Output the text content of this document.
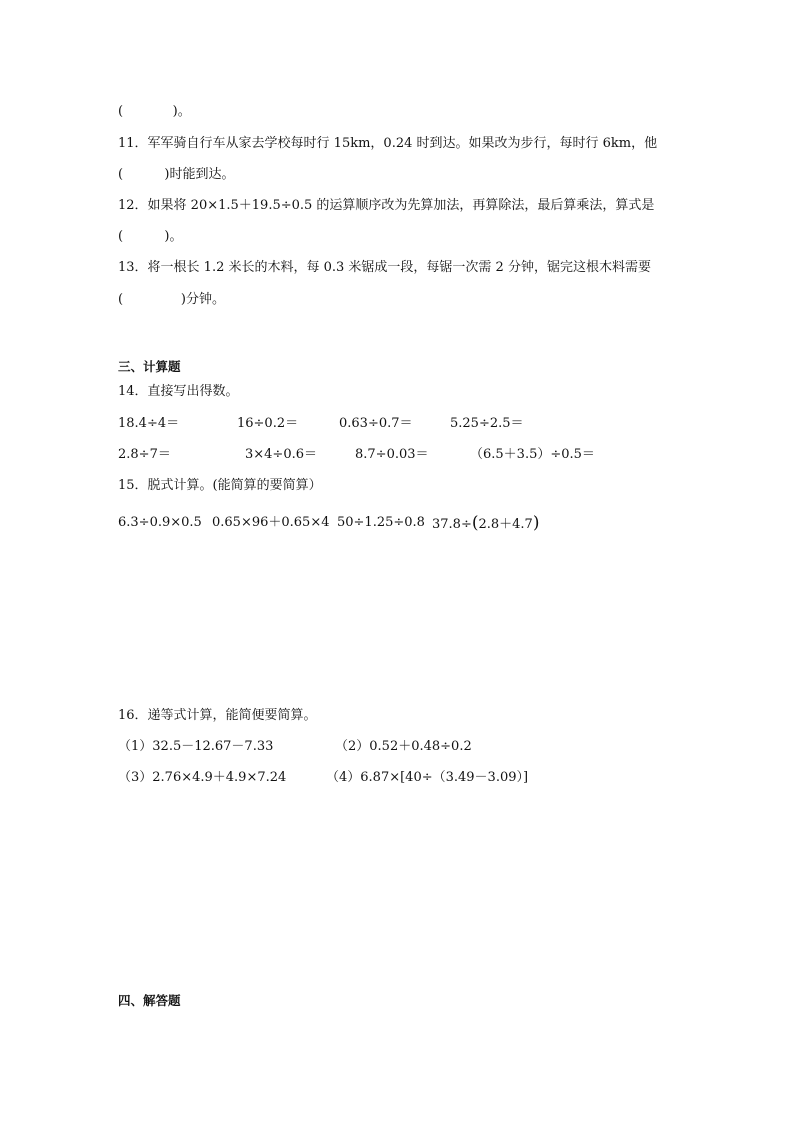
(            )。
11．军军骑自行车从家去学校每时行 15km，0.24 时到达。如果改为步行，每时行 6km，他
(          )时能到达。
12．如果将 20×1.5＋19.5÷0.5 的运算顺序改为先算加法，再算除法，最后算乘法，算式是
(          )。
13．将一根长 1.2 米长的木料，每 0.3 米锯成一段，每锯一次需 2 分钟，锯完这根木料需要
(              )分钟。
三、计算题
14．直接写出得数。
18.4÷4＝	16÷0.2＝	0.63÷0.7＝	5.25÷2.5＝
2.8÷7＝	3×4÷0.6＝	8.7÷0.03＝	（6.5＋3.5）÷0.5＝
15．脱式计算。(能简算的要简算）
6.3÷0.9×0.5 0.65×96＋0.65×4 50÷1.25÷0.8 37.8÷(2.8＋4.7)
16．递等式计算，能简便要简算。
（1）32.5－12.67－7.33	（2）0.52＋0.48÷0.2
（3）2.76×4.9＋4.9×7.24	（4）6.87×[40÷（3.49－3.09）]
四、解答题
